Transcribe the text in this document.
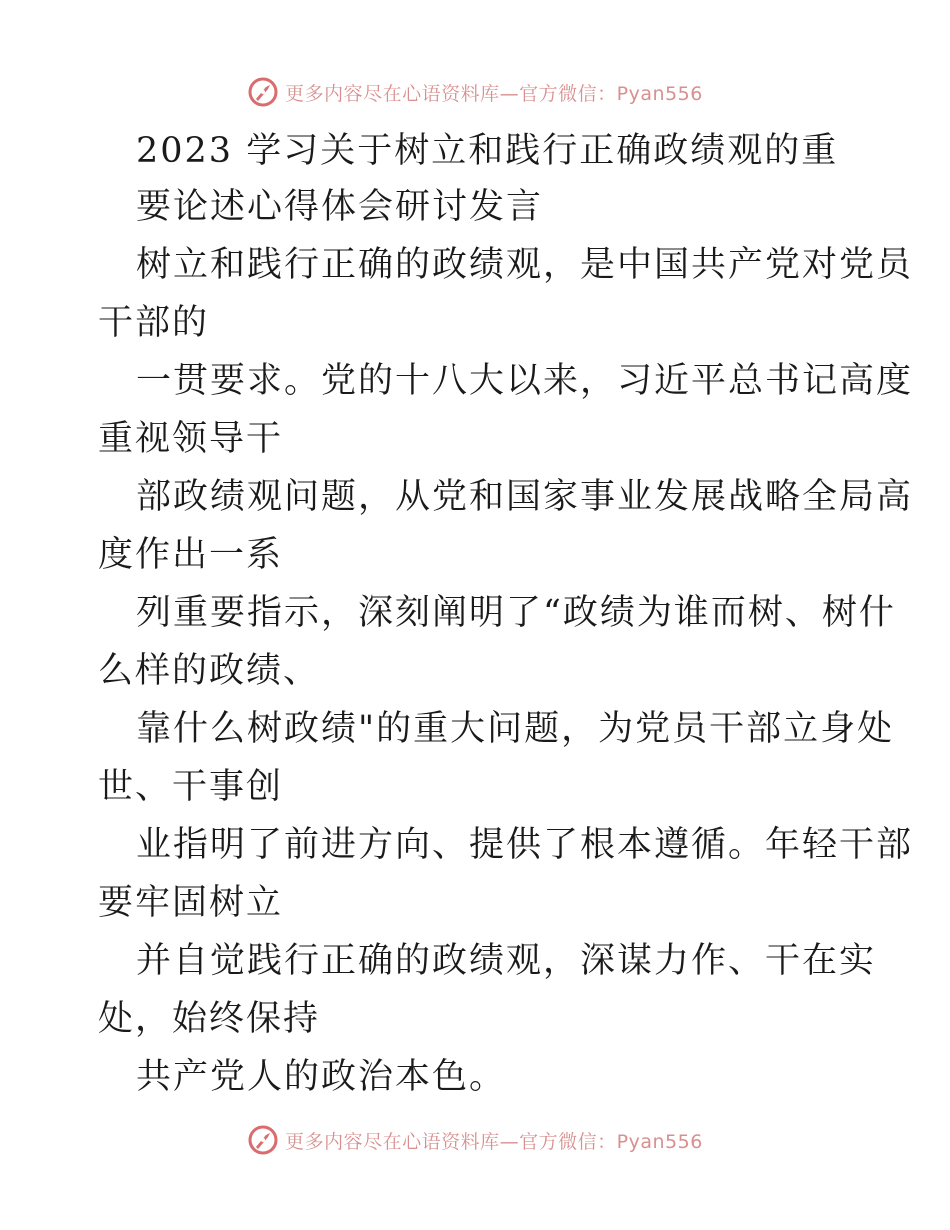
更多内容尽在心语资料库—官方微信：Pyan556
2023 学习关于树立和践行正确政绩观的重
要论述心得体会研讨发言
树立和践行正确的政绩观，是中国共产党对党员
干部的
一贯要求。党的十八大以来，习近平总书记高度
重视领导干
部政绩观问题，从党和国家事业发展战略全局高
度作出一系
列重要指示，深刻阐明了“政绩为谁而树、树什
么样的政绩、
靠什么树政绩"的重大问题，为党员干部立身处
世、干事创
业指明了前进方向、提供了根本遵循。年轻干部
要牢固树立
并自觉践行正确的政绩观，深谋力作、干在实
处，始终保持
共产党人的政治本色。
更多内容尽在心语资料库—官方微信：Pyan556
